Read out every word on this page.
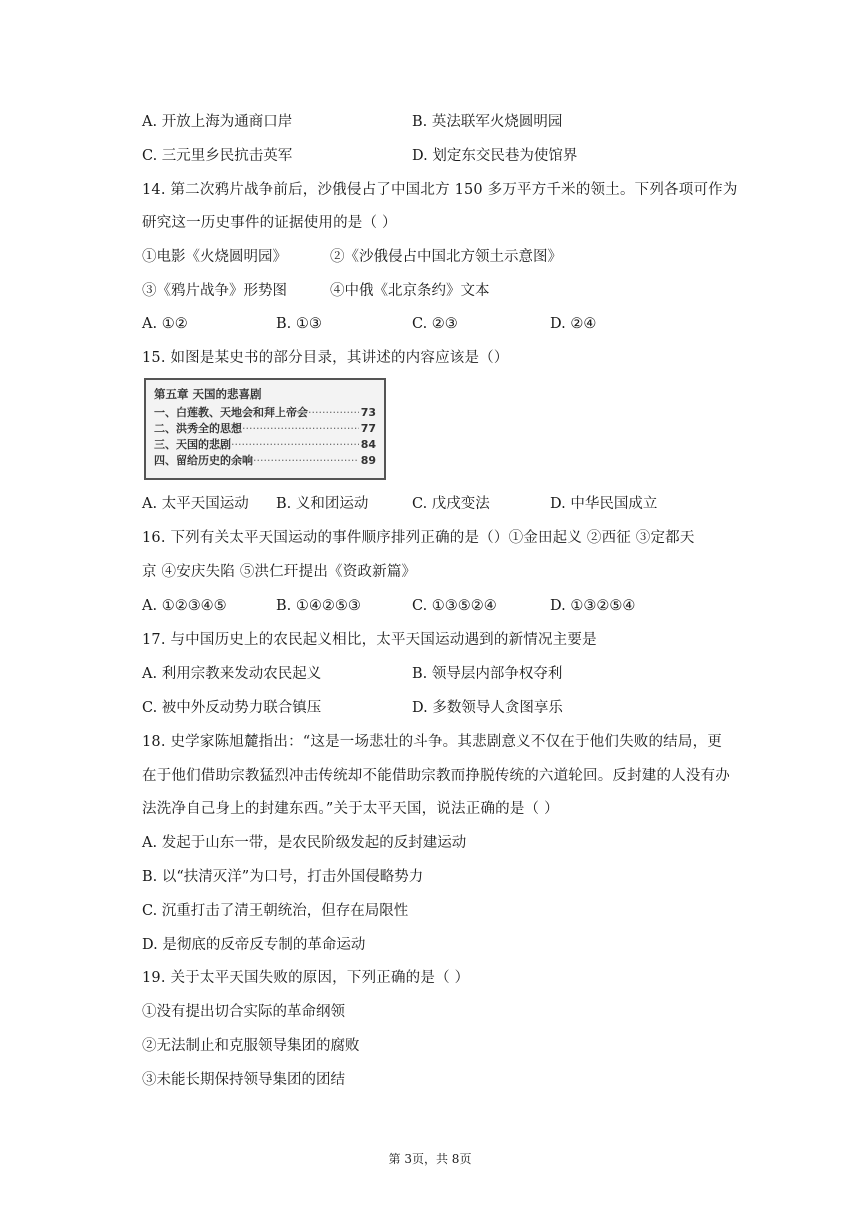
A. 开放上海为通商口岸	B. 英法联军火烧圆明园
C. 三元里乡民抗击英军	D. 划定东交民巷为使馆界
14. 第二次鸦片战争前后，沙俄侵占了中国北方 150 多万平方千米的领土。下列各项可作为
研究这一历史事件的证据使用的是（ ）
①电影《火烧圆明园》	②《沙俄侵占中国北方领土示意图》
③《鸦片战争》形势图	④中俄《北京条约》文本
A. ①②	B. ①③	C. ②③	D. ②④
15. 如图是某史书的部分目录，其讲述的内容应该是（）
第五章 天国的悲喜剧
一、白莲教、天地会和拜上帝会 ·····	73
二、洪秀全的思想 ·····	77
三、天国的悲剧 ·····	84
四、留给历史的余响 ·····	89
A. 太平天国运动 B. 义和团运动	C. 戊戌变法	D. 中华民国成立
16. 下列有关太平天国运动的事件顺序排列正确的是（）①金田起义 ②西征 ③定都天
京 ④安庆失陷 ⑤洪仁玕提出《资政新篇》
A. ①②③④⑤	B. ①④②⑤③	C. ①③⑤②④	D. ①③②⑤④
17. 与中国历史上的农民起义相比，太平天国运动遇到的新情况主要是
A. 利用宗教来发动农民起义	B. 领导层内部争权夺利
C. 被中外反动势力联合镇压	D. 多数领导人贪图享乐
18. 史学家陈旭麓指出：“这是一场悲壮的斗争。其悲剧意义不仅在于他们失败的结局，更
在于他们借助宗教猛烈冲击传统却不能借助宗教而挣脱传统的六道轮回。反封建的人没有办
法洗净自己身上的封建东西。”关于太平天国，说法正确的是（ ）
A. 发起于山东一带，是农民阶级发起的反封建运动
B. 以“扶清灭洋”为口号，打击外国侵略势力
C. 沉重打击了清王朝统治，但存在局限性
D. 是彻底的反帝反专制的革命运动
19. 关于太平天国失败的原因，下列正确的是（ ）
①没有提出切合实际的革命纲领
②无法制止和克服领导集团的腐败
③未能长期保持领导集团的团结
第 3页，共 8页
